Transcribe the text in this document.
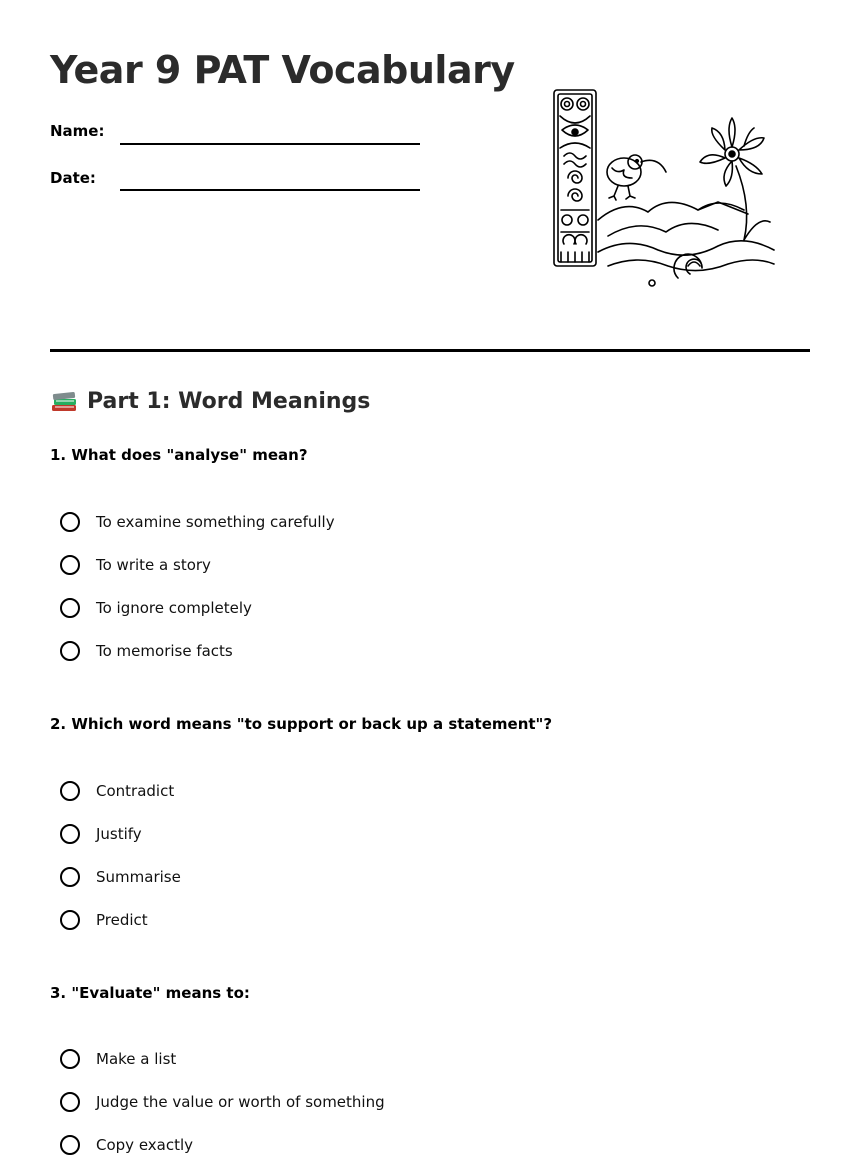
Year 9 PAT Vocabulary
Name:
Date:
Part 1: Word Meanings

1. What does "analyse" mean?

To examine something carefully
To write a story
To ignore completely
To memorise facts

2. Which word means "to support or back up a statement"?

Contradict
Justify
Summarise
Predict

3. "Evaluate" means to:

Make a list
Judge the value or worth of something
Copy exactly
